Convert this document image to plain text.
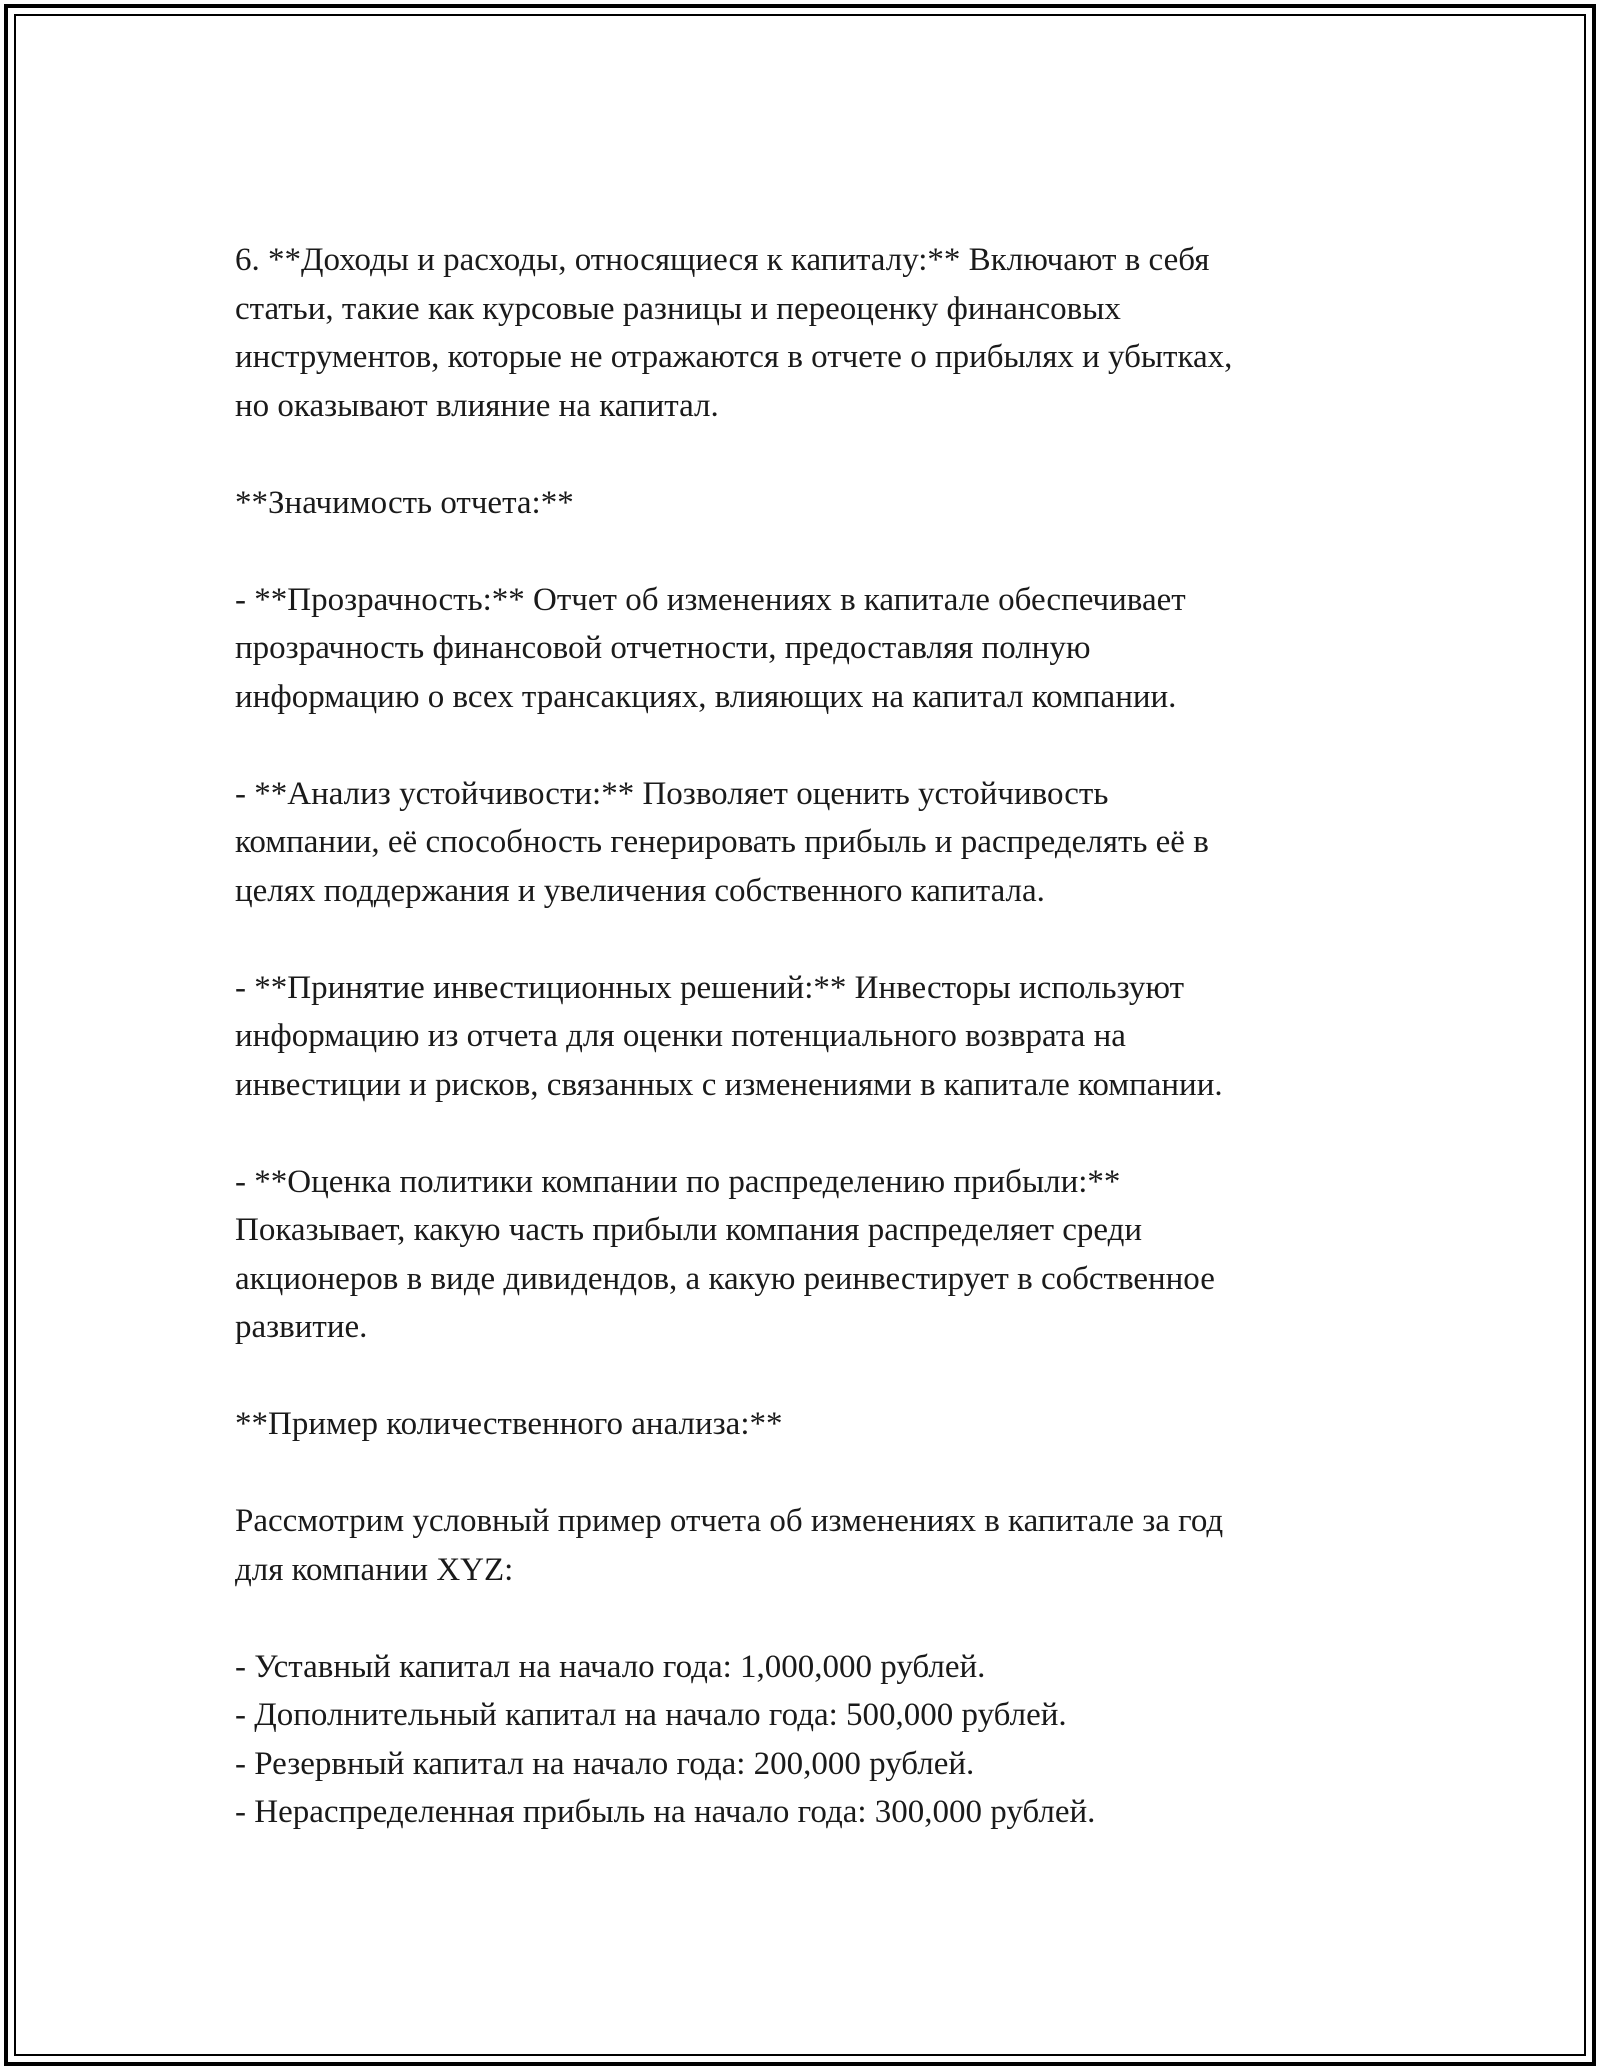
6. **Доходы и расходы, относящиеся к капиталу:** Включают в себя
статьи, такие как курсовые разницы и переоценку финансовых
инструментов, которые не отражаются в отчете о прибылях и убытках,
но оказывают влияние на капитал.

**Значимость отчета:**

- **Прозрачность:** Отчет об изменениях в капитале обеспечивает
прозрачность финансовой отчетности, предоставляя полную
информацию о всех трансакциях, влияющих на капитал компании.

- **Анализ устойчивости:** Позволяет оценить устойчивость
компании, её способность генерировать прибыль и распределять её в
целях поддержания и увеличения собственного капитала.

- **Принятие инвестиционных решений:** Инвесторы используют
информацию из отчета для оценки потенциального возврата на
инвестиции и рисков, связанных с изменениями в капитале компании.

- **Оценка политики компании по распределению прибыли:**
Показывает, какую часть прибыли компания распределяет среди
акционеров в виде дивидендов, а какую реинвестирует в собственное
развитие.

**Пример количественного анализа:**

Рассмотрим условный пример отчета об изменениях в капитале за год
для компании XYZ:

- Уставный капитал на начало года: 1,000,000 рублей.

- Дополнительный капитал на начало года: 500,000 рублей.

- Резервный капитал на начало года: 200,000 рублей.

- Нераспределенная прибыль на начало года: 300,000 рублей.
